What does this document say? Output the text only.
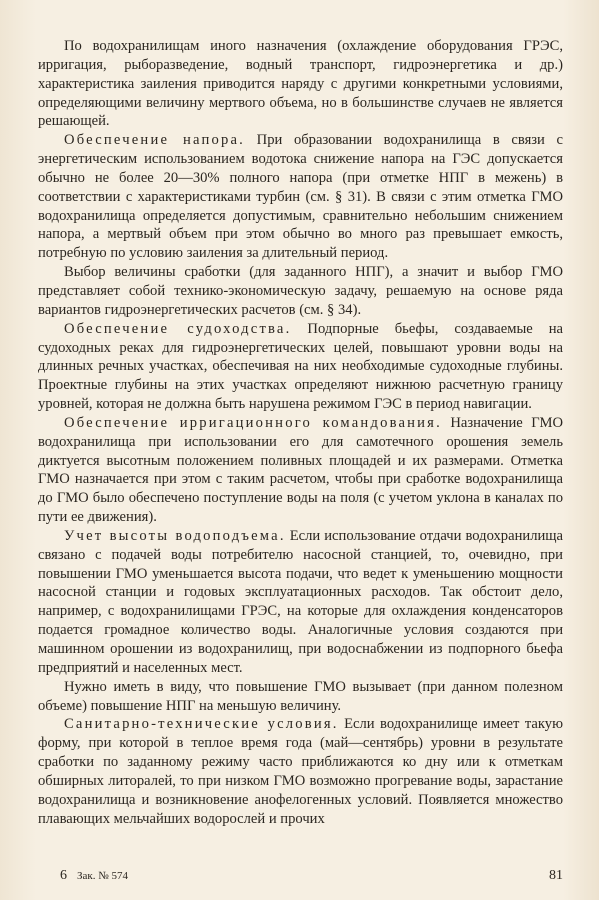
По водохранилищам иного назначения (охлаждение оборудования ГРЭС, ирригация, рыборазведение, водный транспорт, гидроэнергетика и др.) характеристика заиления приводится наряду с другими конкретными условиями, определяющими величину мертвого объема, но в большинстве случаев не является решающей.

Обеспечение напора. При образовании водохранилища в связи с энергетическим использованием водотока снижение напора на ГЭС допускается обычно не более 20—30% полного напора (при отметке НПГ в межень) в соответствии с характеристиками турбин (см. § 31). В связи с этим отметка ГМО водохранилища определяется допустимым, сравнительно небольшим снижением напора, а мертвый объем при этом обычно во много раз превышает емкость, потребную по условию заиления за длительный период.

Выбор величины сработки (для заданного НПГ), а значит и выбор ГМО представляет собой технико-экономическую задачу, решаемую на основе ряда вариантов гидроэнергетических расчетов (см. § 34).

Обеспечение судоходства. Подпорные бьефы, создаваемые на судоходных реках для гидроэнергетических целей, повышают уровни воды на длинных речных участках, обеспечивая на них необходимые судоходные глубины. Проектные глубины на этих участках определяют нижнюю расчетную границу уровней, которая не должна быть нарушена режимом ГЭС в период навигации.

Обеспечение ирригационного командования. Назначение ГМО водохранилища при использовании его для самотечного орошения земель диктуется высотным положением поливных площадей и их размерами. Отметка ГМО назначается при этом с таким расчетом, чтобы при сработке водохранилища до ГМО было обеспечено поступление воды на поля (с учетом уклона в каналах по пути ее движения).

Учет высоты водоподъема. Если использование отдачи водохранилища связано с подачей воды потребителю насосной станцией, то, очевидно, при повышении ГМО уменьшается высота подачи, что ведет к уменьшению мощности насосной станции и годовых эксплуатационных расходов. Так обстоит дело, например, с водохранилищами ГРЭС, на которые для охлаждения конденсаторов подается громадное количество воды. Аналогичные условия создаются при машинном орошении из водохранилищ, при водоснабжении из подпорного бьефа предприятий и населенных мест.

Нужно иметь в виду, что повышение ГМО вызывает (при данном полезном объеме) повышение НПГ на меньшую величину.

Санитарно-технические условия. Если водохранилище имеет такую форму, при которой в теплое время года (май—сентябрь) уровни в результате сработки по заданному режиму часто приближаются ко дну или к отметкам обширных литоралей, то при низком ГМО возможно прогревание воды, зарастание водохранилища и возникновение анофелогенных условий. Появляется множество плавающих мельчайших водорослей и прочих

6 Зак. № 574	81
